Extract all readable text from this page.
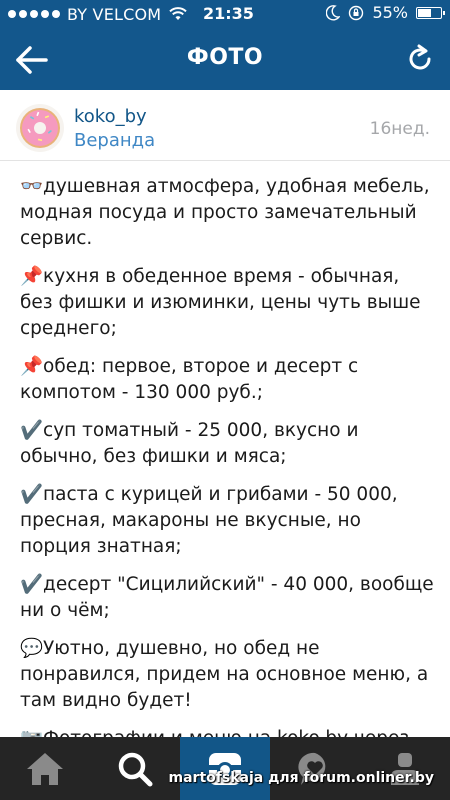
BY VELCOM	21:35	55%
ФОТО
koko_by
Веранда
16нед.

👓душевная атмосфера, удобная мебель, модная посуда и просто замечательный сервис.

📌кухня в обеденное время - обычная, без фишки и изюминки, цены чуть выше среднего;

📌обед: первое, второе и десерт с компотом - 130 000 руб.;

✔️суп томатный - 25 000, вкусно и обычно, без фишки и мяса;

✔️паста с курицей и грибами - 50 000, пресная, макароны не вкусные, но порция знатная;

✔️десерт "Сицилийский" - 40 000, вообще ни о чём;

💬Уютно, душевно, но обед не понравился, придем на основное меню, а там видно будет!

martofskaja для forum.onliner.by
